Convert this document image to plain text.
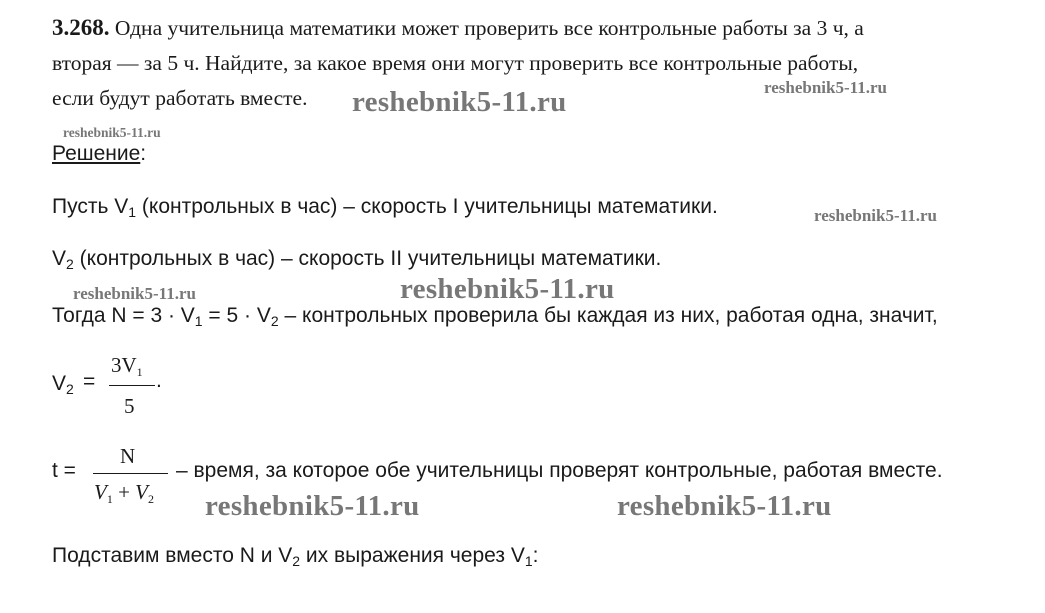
3.268. Одна учительница математики может проверить все контрольные работы за 3 ч, а
вторая — за 5 ч. Найдите, за какое время они могут проверить все контрольные работы,
если будут работать вместе.
Решение:
Пусть $V_1$ (контрольных в час) – скорость I учительницы математики.
$V_2$ (контрольных в час) – скорость II учительницы математики.
Тогда $N = 3 \cdot V_1 = 5 \cdot V_2$ – контрольных проверила бы каждая из них, работая одна, значит,
$V_2$ =
$3V_1$
5
.
t =
N
$V_1 + V_2$
– время, за которое обе учительницы проверят контрольные, работая вместе.
Подставим вместо N и $V_2$ их выражения через $V_1$:
reshebnik5-11.ru	reshebnik5-11.ru
reshebnik5-11.ru
reshebnik5-11.ru
reshebnik5-11.ru	reshebnik5-11.ru
reshebnik5-11.ru	reshebnik5-11.ru
